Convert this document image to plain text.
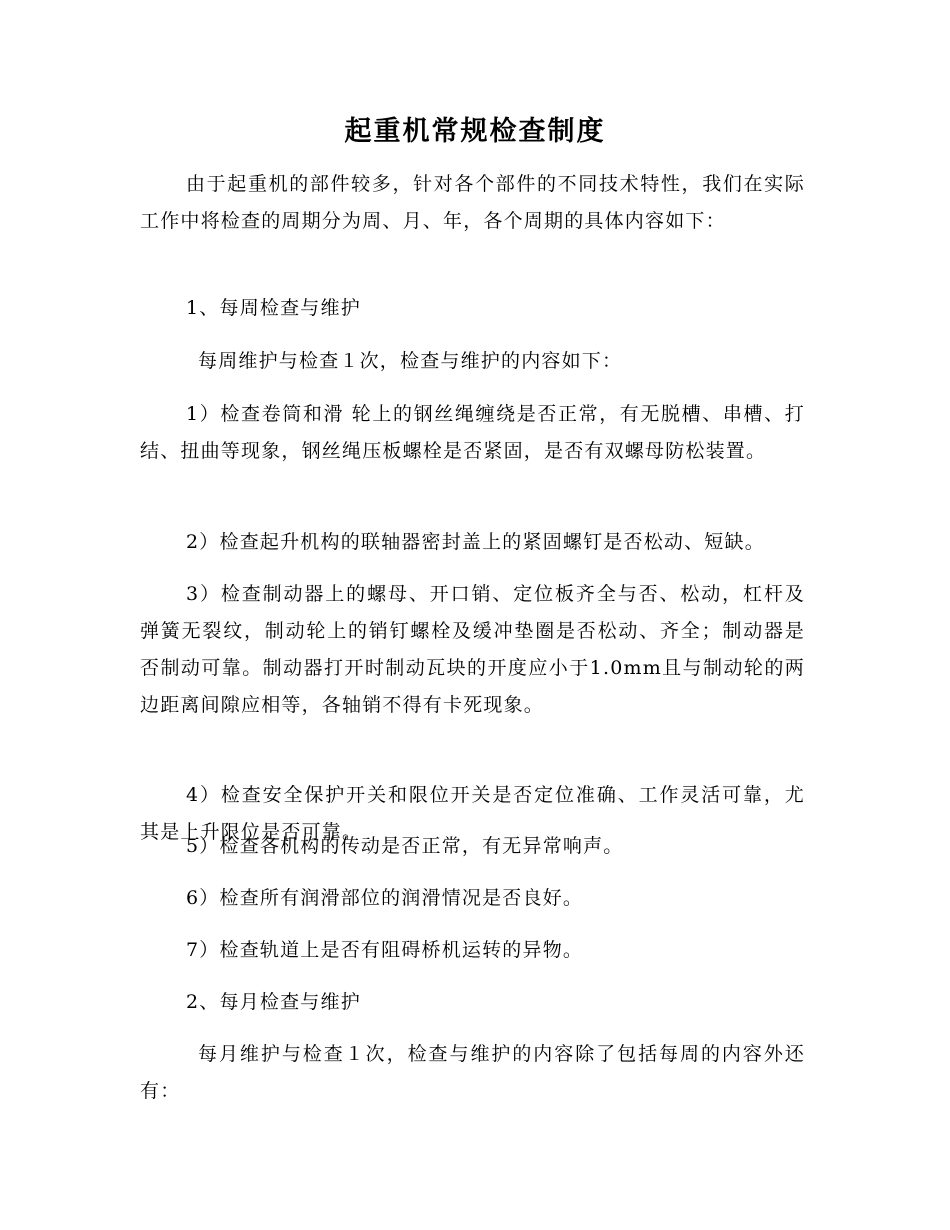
起重机常规检查制度
由于起重机的部件较多，针对各个部件的不同技术特性，我们在实际工作中将检查的周期分为周、月、年，各个周期的具体内容如下：
1、每周检查与维护
每周维护与检查１次，检查与维护的内容如下：
1）检查卷筒和滑 轮上的钢丝绳缠绕是否正常，有无脱槽、串槽、打结、扭曲等现象，钢丝绳压板螺栓是否紧固，是否有双螺母防松装置。
2）检查起升机构的联轴器密封盖上的紧固螺钉是否松动、短缺。
3）检查制动器上的螺母、开口销、定位板齐全与否、松动，杠杆及弹簧无裂纹，制动轮上的销钉螺栓及缓冲垫圈是否松动、齐全；制动器是否制动可靠。制动器打开时制动瓦块的开度应小于1.0mm且与制动轮的两边距离间隙应相等，各轴销不得有卡死现象。
4）检查安全保护开关和限位开关是否定位准确、工作灵活可靠，尤其是上升限位是否可靠。
5）检查各机构的传动是否正常，有无异常响声。
6）检查所有润滑部位的润滑情况是否良好。
7）检查轨道上是否有阻碍桥机运转的异物。
2、每月检查与维护
每月维护与检查１次，检查与维护的内容除了包括每周的内容外还有：
